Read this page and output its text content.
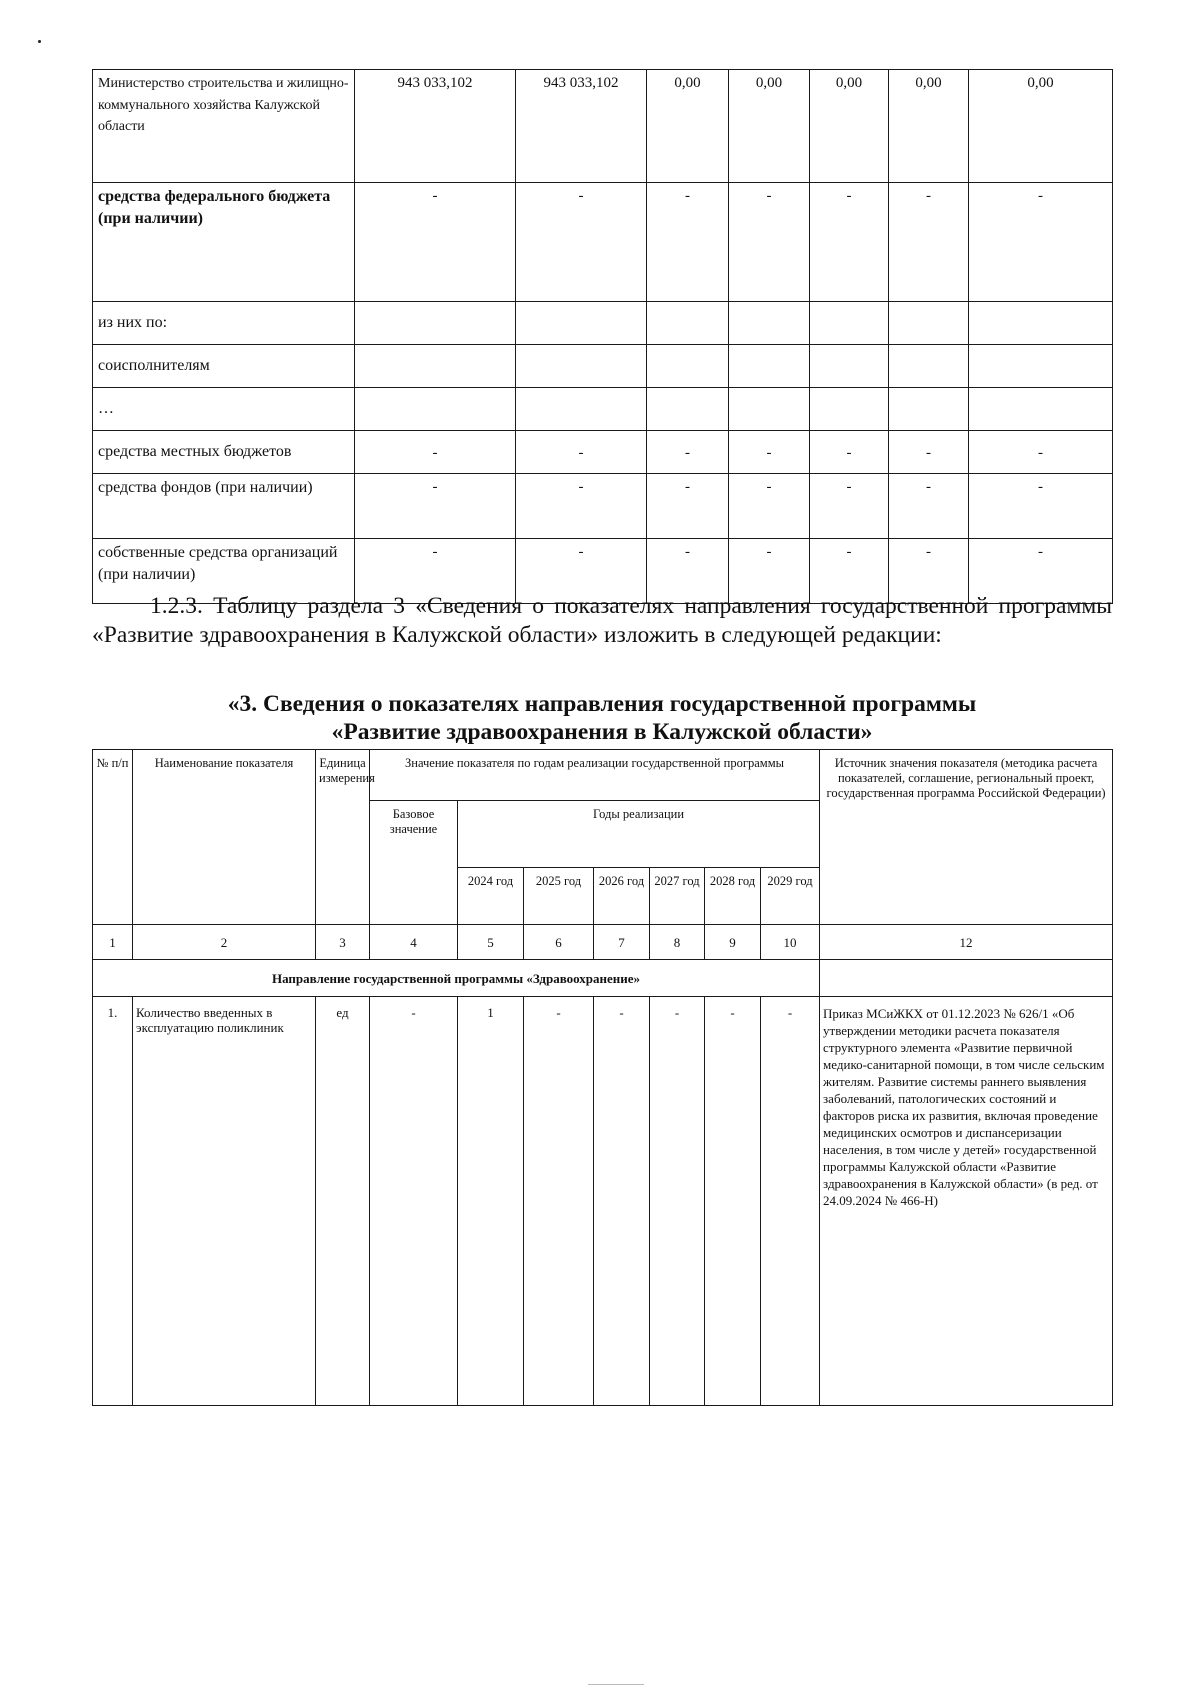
Министерство строительства и жилищно-коммунального хозяйства Калужской области	943 033,102	943 033,102	0,00	0,00	0,00	0,00	0,00
средства федерального бюджета (при наличии)	-	-	-	-	-	-	-
из них по:							
соисполнителям							
…							
средства местных бюджетов	-	-	-	-	-	-	-
средства фондов (при наличии)	-	-	-	-	-	-	-
собственные средства организаций (при наличии)	-	-	-	-	-	-	-
1.2.3. Таблицу раздела 3 «Сведения о показателях направления государственной программы «Развитие здравоохранения в Калужской области» изложить в следующей редакции:
«3. Сведения о показателях направления государственной программы
«Развитие здравоохранения в Калужской области»
№ п/п	Наименование показателя	Единица измерения	Значение показателя по годам реализации государственной программы							Источник значения показателя (методика расчета показателей, соглашение, региональный проект, государственная программа Российской Федерации)
			Базовое значение	Годы реализации						
				2024 год	2025 год	2026 год	2027 год	2028 год	2029 год	
1	2	3	4	5	6	7	8	9	10	12
Направление государственной программы «Здравоохранение»										
1.	Количество введенных в эксплуатацию поликлиник	ед	-	1	-	-	-	-	-	Приказ МСиЖКХ от 01.12.2023 № 626/1 «Об утверждении методики расчета показателя структурного элемента «Развитие первичной медико-санитарной помощи, в том числе сельским жителям. Развитие системы раннего выявления заболеваний, патологических состояний и факторов риска их развития, включая проведение медицинских осмотров и диспансеризации населения, в том числе у детей» государственной программы Калужской области «Развитие здравоохранения в Калужской области» (в ред. от 24.09.2024 № 466-Н)
